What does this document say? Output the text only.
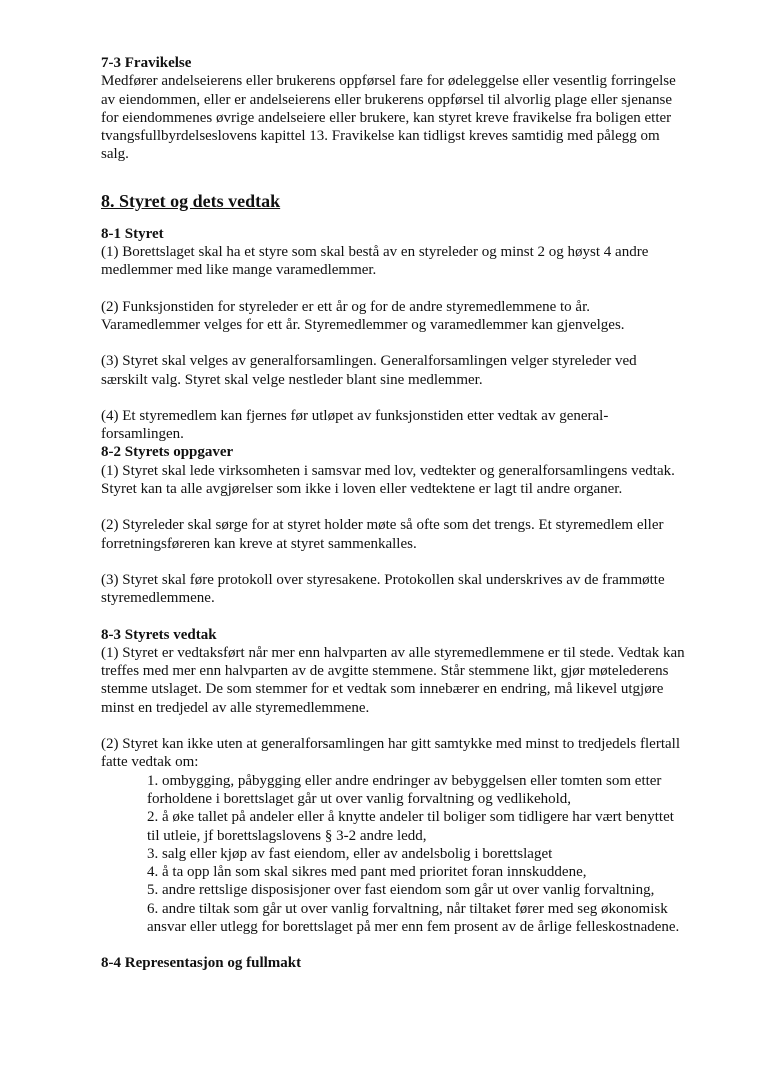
7-3 Fravikelse

Medfører andelseierens eller brukerens oppførsel fare for ødeleggelse eller vesentlig forringelse av eiendommen, eller er andelseierens eller brukerens oppførsel til alvorlig plage eller sjenanse for eiendommenes øvrige andelseiere eller brukere, kan styret kreve fravikelse fra boligen etter tvangsfullbyrdelseslovens kapittel 13. Fravikelse kan tidligst kreves samtidig med pålegg om salg.

8. Styret og dets vedtak

8-1 Styret

(1) Borettslaget skal ha et styre som skal bestå av en styreleder og minst 2 og høyst 4 andre medlemmer med like mange varamedlemmer.

(2) Funksjonstiden for styreleder er ett år og for de andre styremedlemmene to år. Varamedlemmer velges for ett år. Styremedlemmer og varamedlemmer kan gjenvelges.

(3) Styret skal velges av generalforsamlingen. Generalforsamlingen velger styreleder ved særskilt valg. Styret skal velge nestleder blant sine medlemmer.

(4) Et styremedlem kan fjernes før utløpet av funksjonstiden etter vedtak av general-forsamlingen.

8-2 Styrets oppgaver

(1) Styret skal lede virksomheten i samsvar med lov, vedtekter og generalforsamlingens vedtak. Styret kan ta alle avgjørelser som ikke i loven eller vedtektene er lagt til andre organer.

(2) Styreleder skal sørge for at styret holder møte så ofte som det trengs. Et styremedlem eller forretningsføreren kan kreve at styret sammenkalles.

(3) Styret skal føre protokoll over styresakene. Protokollen skal underskrives av de frammøtte styremedlemmene.

8-3 Styrets vedtak

(1) Styret er vedtaksført når mer enn halvparten av alle styremedlemmene er til stede. Vedtak kan treffes med mer enn halvparten av de avgitte stemmene. Står stemmene likt, gjør møtelederens stemme utslaget. De som stemmer for et vedtak som innebærer en endring, må likevel utgjøre minst en tredjedel av alle styremedlemmene.

(2) Styret kan ikke uten at generalforsamlingen har gitt samtykke med minst to tredjedels flertall fatte vedtak om:

1. ombygging, påbygging eller andre endringer av bebyggelsen eller tomten som etter forholdene i borettslaget går ut over vanlig forvaltning og vedlikehold,

2. å øke tallet på andeler eller å knytte andeler til boliger som tidligere har vært benyttet til utleie, jf borettslagslovens § 3-2 andre ledd,

3. salg eller kjøp av fast eiendom, eller av andelsbolig i borettslaget

4. å ta opp lån som skal sikres med pant med prioritet foran innskuddene,

5. andre rettslige disposisjoner over fast eiendom som går ut over vanlig forvaltning,

6. andre tiltak som går ut over vanlig forvaltning, når tiltaket fører med seg økonomisk ansvar eller utlegg for borettslaget på mer enn fem prosent av de årlige felleskostnadene.

8-4 Representasjon og fullmakt
